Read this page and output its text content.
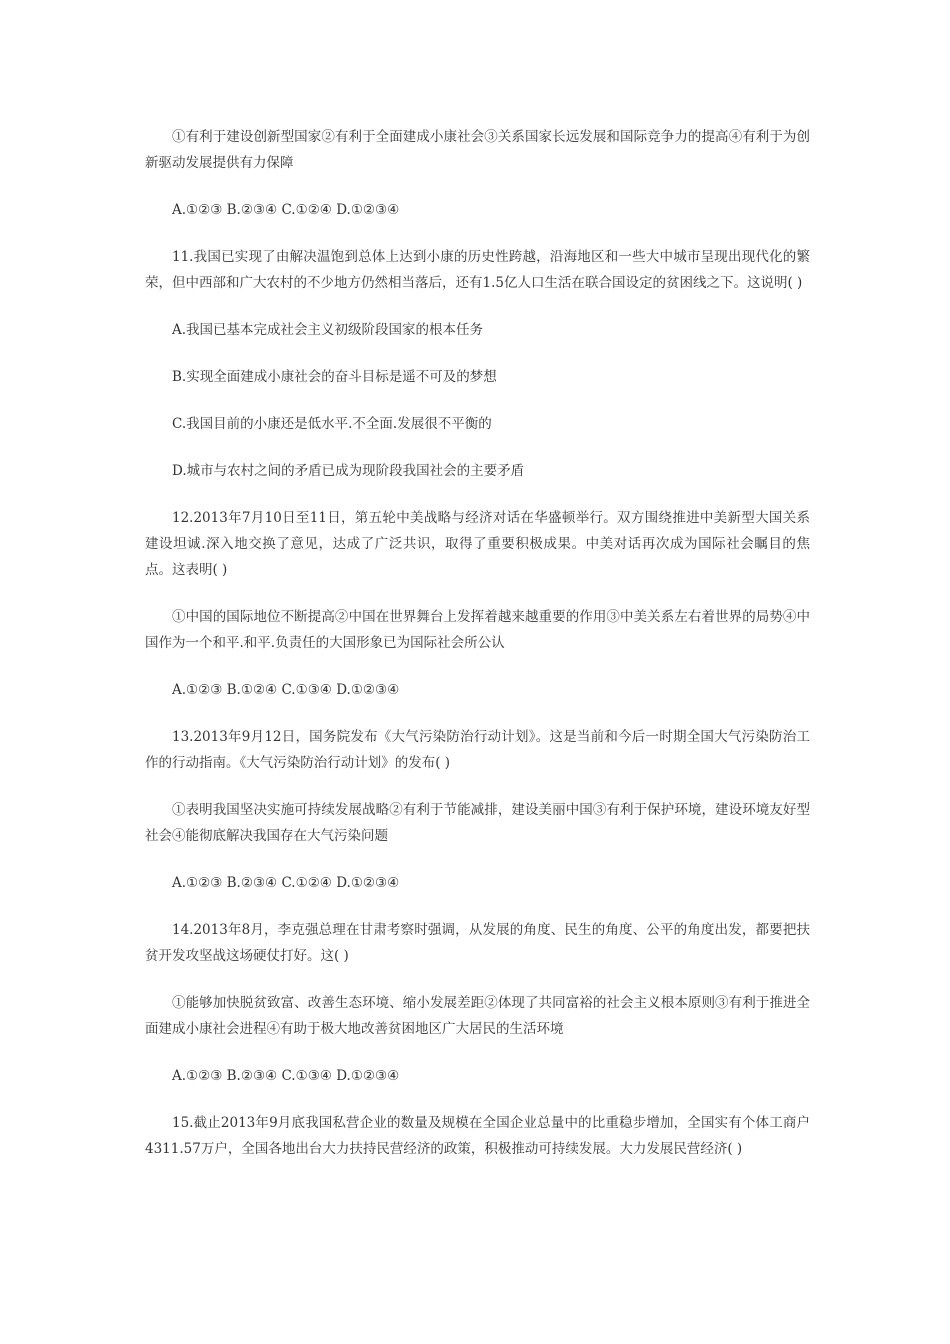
①有利于建设创新型国家②有利于全面建成小康社会③关系国家长远发展和国际竞争力的提高④有利于为创新驱动发展提供有力保障

A.①②③ B.②③④ C.①②④ D.①②③④

11.我国已实现了由解决温饱到总体上达到小康的历史性跨越，沿海地区和一些大中城市呈现出现代化的繁荣，但中西部和广大农村的不少地方仍然相当落后，还有1.5亿人口生活在联合国设定的贫困线之下。这说明( )

A.我国已基本完成社会主义初级阶段国家的根本任务

B.实现全面建成小康社会的奋斗目标是遥不可及的梦想

C.我国目前的小康还是低水平.不全面.发展很不平衡的

D.城市与农村之间的矛盾已成为现阶段我国社会的主要矛盾

12.2013年7月10日至11日，第五轮中美战略与经济对话在华盛顿举行。双方围绕推进中美新型大国关系建设坦诚.深入地交换了意见，达成了广泛共识，取得了重要积极成果。中美对话再次成为国际社会瞩目的焦点。这表明( )

①中国的国际地位不断提高②中国在世界舞台上发挥着越来越重要的作用③中美关系左右着世界的局势④中国作为一个和平.和平.负责任的大国形象已为国际社会所公认

A.①②③ B.①②④ C.①③④ D.①②③④

13.2013年9月12日，国务院发布《大气污染防治行动计划》。这是当前和今后一时期全国大气污染防治工作的行动指南。《大气污染防治行动计划》的发布( )

①表明我国坚决实施可持续发展战略②有利于节能减排，建设美丽中国③有利于保护环境，建设环境友好型社会④能彻底解决我国存在大气污染问题

A.①②③ B.②③④ C.①②④ D.①②③④

14.2013年8月，李克强总理在甘肃考察时强调，从发展的角度、民生的角度、公平的角度出发，都要把扶贫开发攻坚战这场硬仗打好。这( )

①能够加快脱贫致富、改善生态环境、缩小发展差距②体现了共同富裕的社会主义根本原则③有利于推进全面建成小康社会进程④有助于极大地改善贫困地区广大居民的生活环境

A.①②③ B.②③④ C.①③④ D.①②③④

15.截止2013年9月底我国私营企业的数量及规模在全国企业总量中的比重稳步增加，全国实有个体工商户4311.57万户，全国各地出台大力扶持民营经济的政策，积极推动可持续发展。大力发展民营经济( )
